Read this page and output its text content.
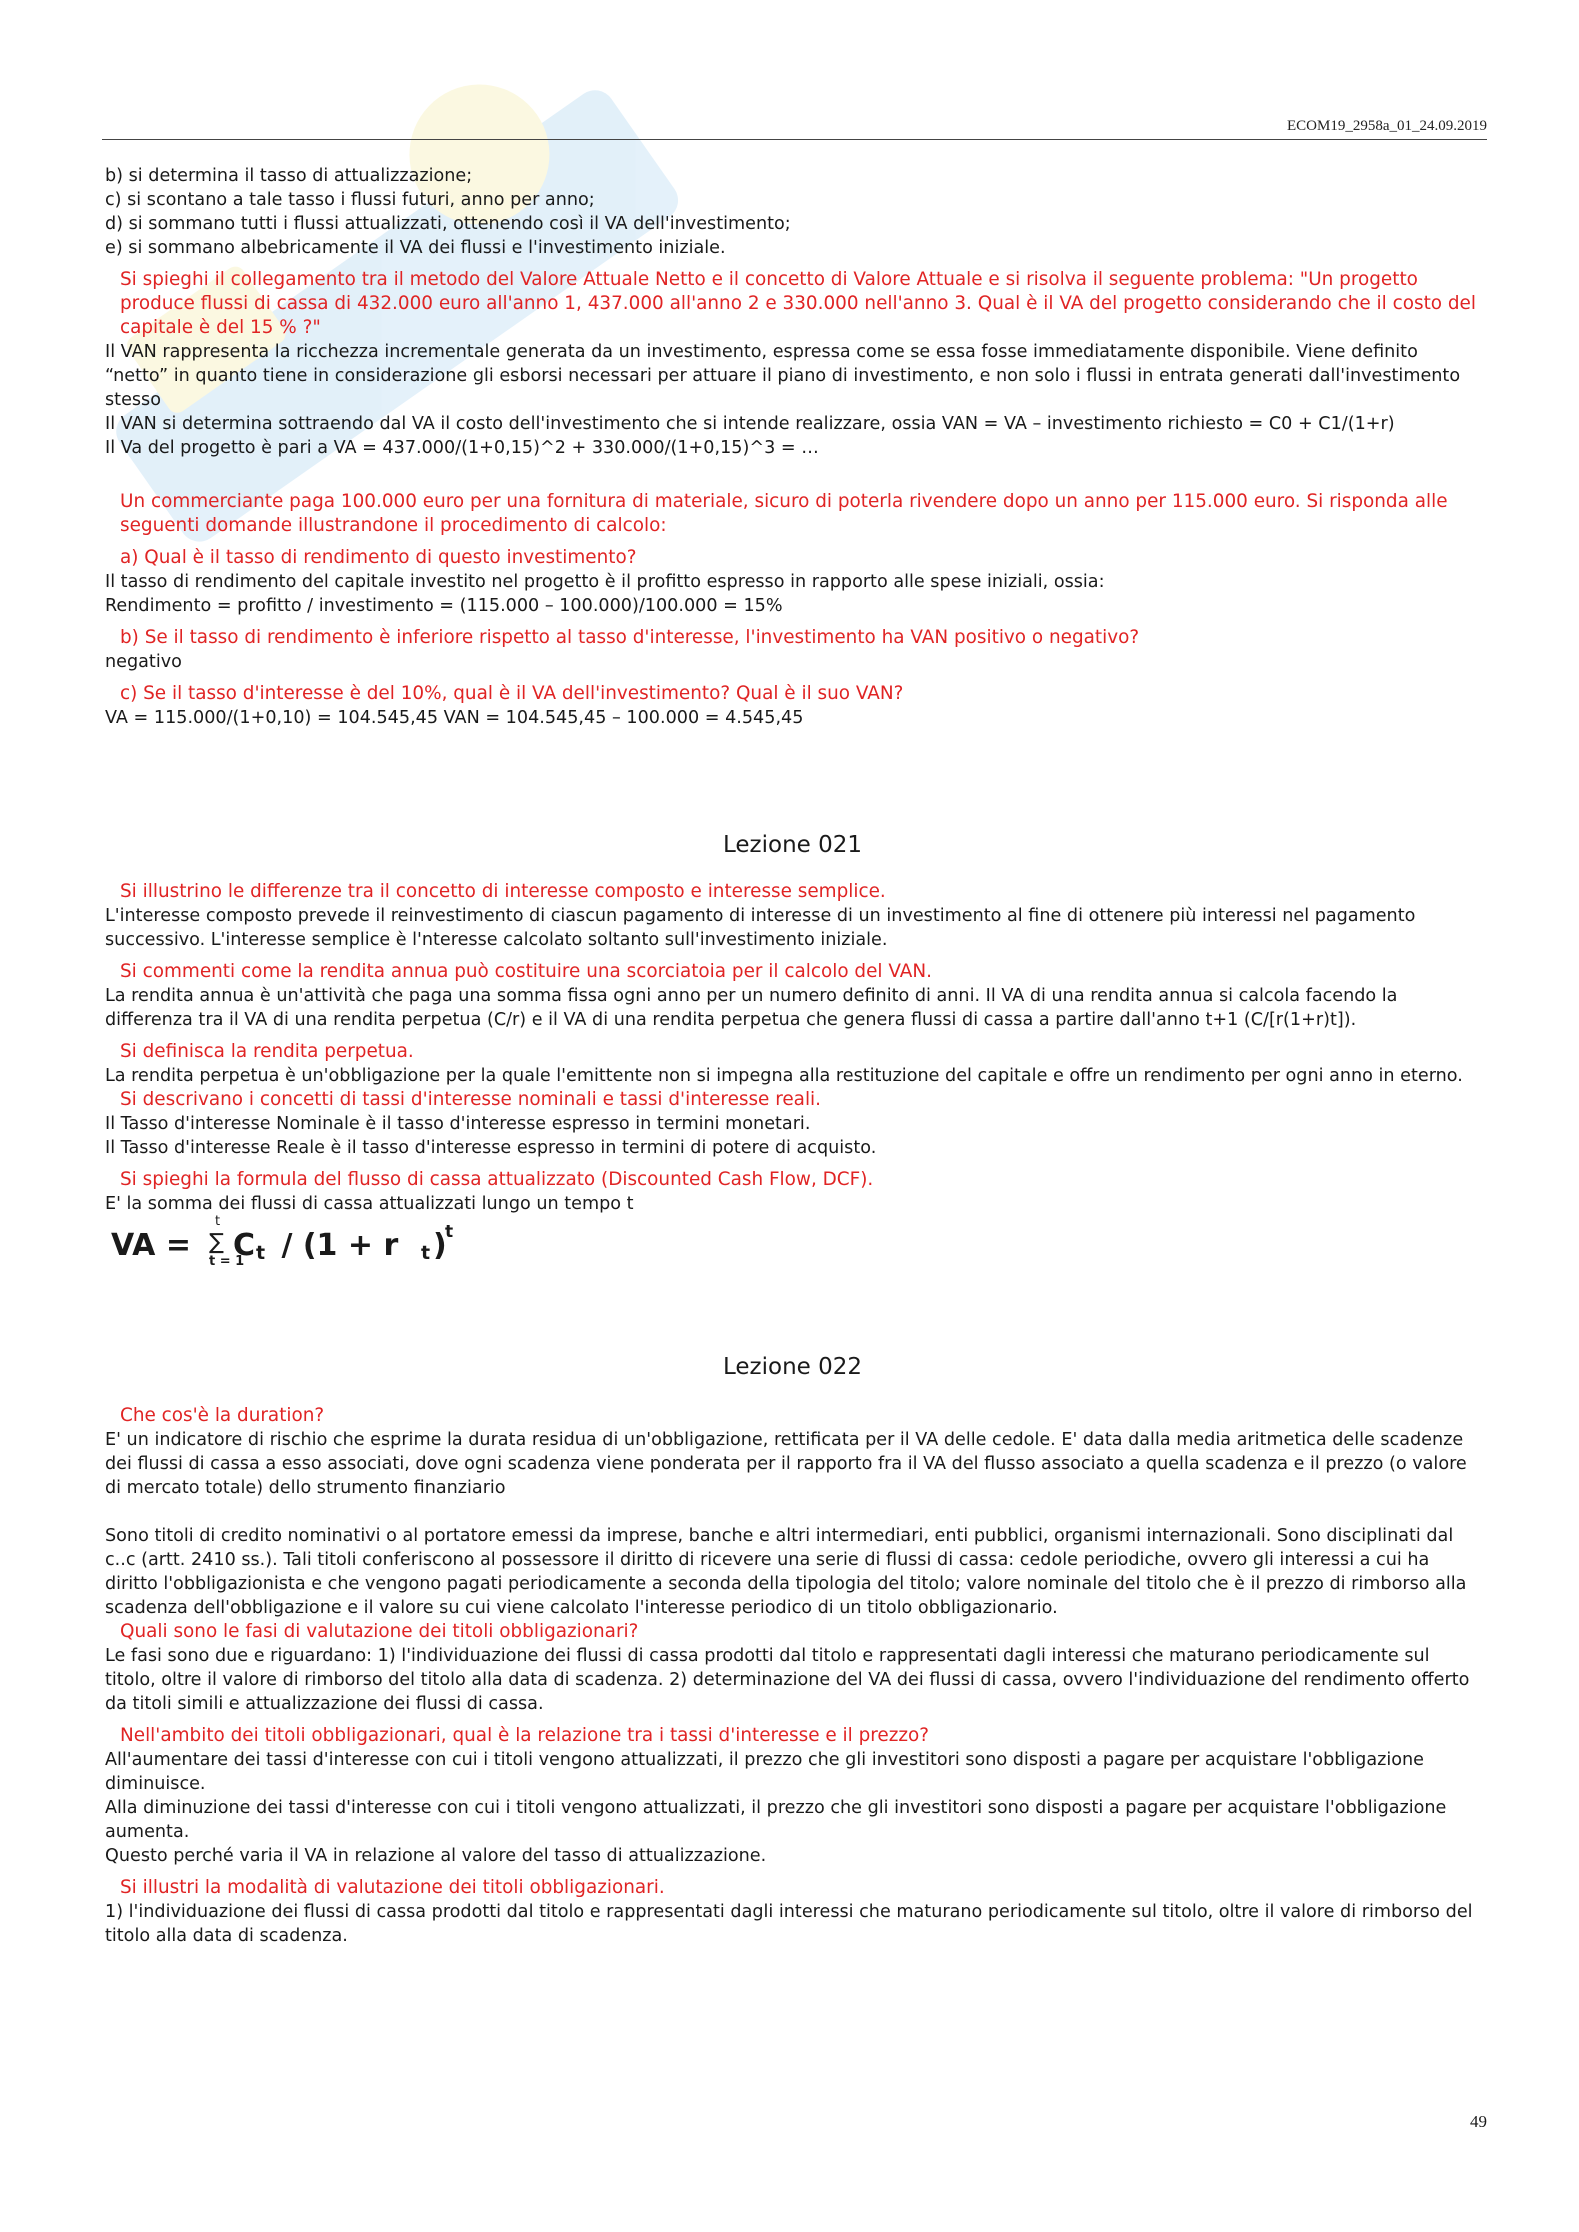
ECOM19_2958a_01_24.09.2019

b) si determina il tasso di attualizzazione;

c) si scontano a tale tasso i flussi futuri, anno per anno;

d) si sommano tutti i flussi attualizzati, ottenendo così il VA dell'investimento;

e) si sommano albebricamente il VA dei flussi e l'investimento iniziale.

Si spieghi il collegamento tra il metodo del Valore Attuale Netto e il concetto di Valore Attuale e si risolva il seguente problema: "Un progetto produce flussi di cassa di 432.000 euro all'anno 1, 437.000 all'anno 2 e 330.000 nell'anno 3. Qual è il VA del progetto considerando che il costo del capitale è del 15 % ?"

Il VAN rappresenta la ricchezza incrementale generata da un investimento, espressa come se essa fosse immediatamente disponibile. Viene definito “netto” in quanto tiene in considerazione gli esborsi necessari per attuare il piano di investimento, e non solo i flussi in entrata generati dall'investimento stesso

Il VAN si determina sottraendo dal VA il costo dell'investimento che si intende realizzare, ossia VAN = VA – investimento richiesto = C0 + C1/(1+r)

Il Va del progetto è pari a VA = 437.000/(1+0,15)^2 + 330.000/(1+0,15)^3 = …

Un commerciante paga 100.000 euro per una fornitura di materiale, sicuro di poterla rivendere dopo un anno per 115.000 euro. Si risponda alle seguenti domande illustrandone il procedimento di calcolo:

a) Qual è il tasso di rendimento di questo investimento?

Il tasso di rendimento del capitale investito nel progetto è il profitto espresso in rapporto alle spese iniziali, ossia:

Rendimento = profitto / investimento = (115.000 – 100.000)/100.000 = 15%

b) Se il tasso di rendimento è inferiore rispetto al tasso d'interesse, l'investimento ha VAN positivo o negativo?

negativo

c) Se il tasso d'interesse è del 10%, qual è il VA dell'investimento? Qual è il suo VAN?

VA = 115.000/(1+0,10) = 104.545,45 VAN = 104.545,45 – 100.000 = 4.545,45

Lezione 021

Si illustrino le differenze tra il concetto di interesse composto e interesse semplice.

L'interesse composto prevede il reinvestimento di ciascun pagamento di interesse di un investimento al fine di ottenere più interessi nel pagamento successivo. L'interesse semplice è l'nteresse calcolato soltanto sull'investimento iniziale.

Si commenti come la rendita annua può costituire una scorciatoia per il calcolo del VAN.

La rendita annua è un'attività che paga una somma fissa ogni anno per un numero definito di anni. Il VA di una rendita annua si calcola facendo la differenza tra il VA di una rendita perpetua (C/r) e il VA di una rendita perpetua che genera flussi di cassa a partire dall'anno t+1 (C/[r(1+r)t]).

Si definisca la rendita perpetua.

La rendita perpetua è un'obbligazione per la quale l'emittente non si impegna alla restituzione del capitale e offre un rendimento per ogni anno in eterno.

Si descrivano i concetti di tassi d'interesse nominali e tassi d'interesse reali.

Il Tasso d'interesse Nominale è il tasso d'interesse espresso in termini monetari.

Il Tasso d'interesse Reale è il tasso d'interesse espresso in termini di potere di acquisto.

Si spieghi la formula del flusso di cassa attualizzato (Discounted Cash Flow, DCF).

E' la somma dei flussi di cassa attualizzati lungo un tempo t

VA = ∑
t
t = 1
C t / (1 + r t )
t

Lezione 022

Che cos'è la duration?

E' un indicatore di rischio che esprime la durata residua di un'obbligazione, rettificata per il VA delle cedole. E' data dalla media aritmetica delle scadenze dei flussi di cassa a esso associati, dove ogni scadenza viene ponderata per il rapporto fra il VA del flusso associato a quella scadenza e il prezzo (o valore di mercato totale) dello strumento finanziario

Sono titoli di credito nominativi o al portatore emessi da imprese, banche e altri intermediari, enti pubblici, organismi internazionali. Sono disciplinati dal c..c (artt. 2410 ss.). Tali titoli conferiscono al possessore il diritto di ricevere una serie di flussi di cassa: cedole periodiche, ovvero gli interessi a cui ha diritto l'obbligazionista e che vengono pagati periodicamente a seconda della tipologia del titolo; valore nominale del titolo che è il prezzo di rimborso alla scadenza dell'obbligazione e il valore su cui viene calcolato l'interesse periodico di un titolo obbligazionario.

Quali sono le fasi di valutazione dei titoli obbligazionari?

Le fasi sono due e riguardano: 1) l'individuazione dei flussi di cassa prodotti dal titolo e rappresentati dagli interessi che maturano periodicamente sul titolo, oltre il valore di rimborso del titolo alla data di scadenza. 2) determinazione del VA dei flussi di cassa, ovvero l'individuazione del rendimento offerto da titoli simili e attualizzazione dei flussi di cassa.

Nell'ambito dei titoli obbligazionari, qual è la relazione tra i tassi d'interesse e il prezzo?

All'aumentare dei tassi d'interesse con cui i titoli vengono attualizzati, il prezzo che gli investitori sono disposti a pagare per acquistare l'obbligazione diminuisce.

Alla diminuzione dei tassi d'interesse con cui i titoli vengono attualizzati, il prezzo che gli investitori sono disposti a pagare per acquistare l'obbligazione aumenta.

Questo perché varia il VA in relazione al valore del tasso di attualizzazione.

Si illustri la modalità di valutazione dei titoli obbligazionari.

1) l'individuazione dei flussi di cassa prodotti dal titolo e rappresentati dagli interessi che maturano periodicamente sul titolo, oltre il valore di rimborso del titolo alla data di scadenza.

49
